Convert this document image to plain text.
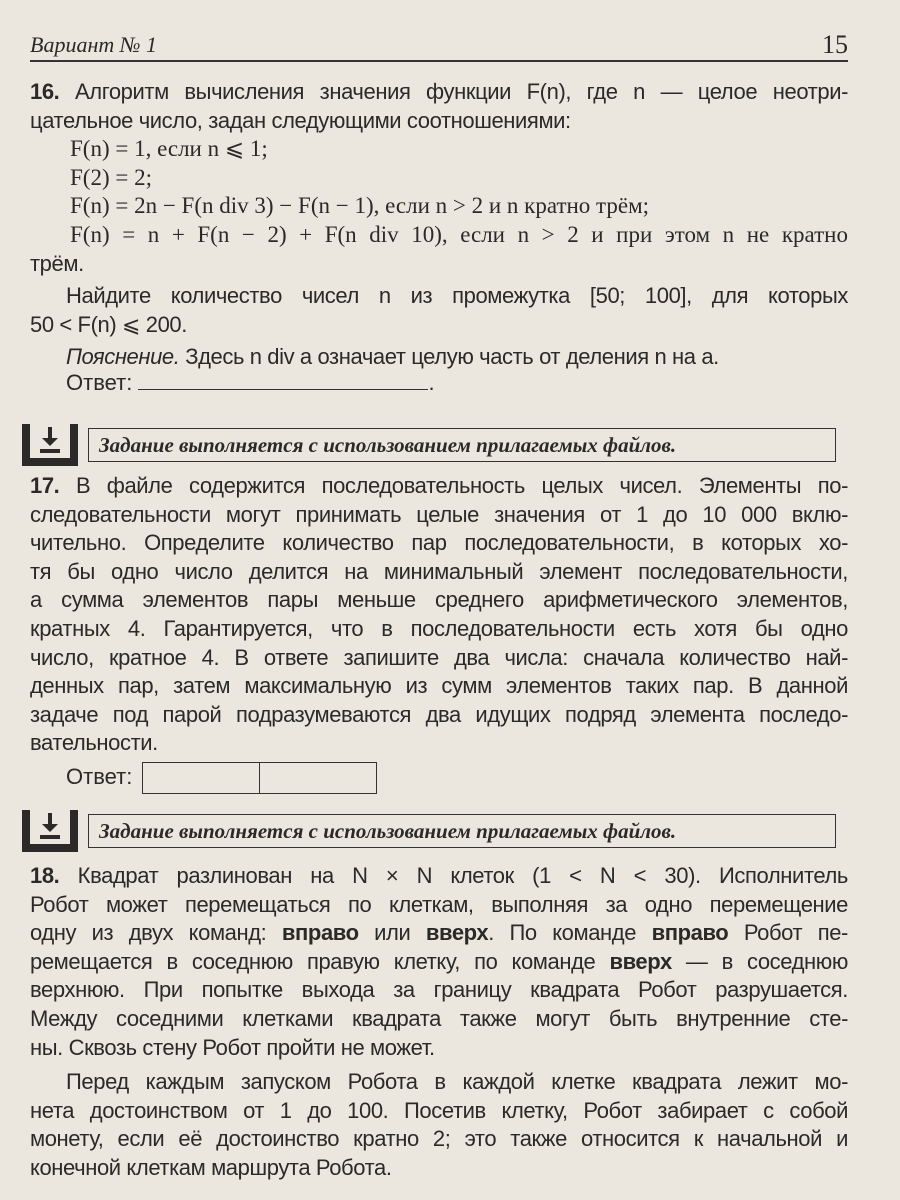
Вариант № 1	15
16. Алгоритм вычисления значения функции F(n), где n — целое неотри-
цательное число, задан следующими соотношениями:
F(n) = 1, если n ⩽ 1;
F(2) = 2;
F(n) = 2n − F(n div 3) − F(n − 1), если n > 2 и n кратно трём;
F(n) = n + F(n − 2) + F(n div 10), если n > 2 и при этом n не кратно
трём.
Найдите количество чисел n из промежутка [50; 100], для которых
50 < F(n) ⩽ 200.
Пояснение. Здесь n div a означает целую часть от деления n на a.
Ответ:	.
Задание выполняется с использованием прилагаемых файлов.
17. В файле содержится последовательность целых чисел. Элементы по-
следовательности могут принимать целые значения от 1 до 10 000 вклю-
чительно. Определите количество пар последовательности, в которых хо-
тя бы одно число делится на минимальный элемент последовательности,
а сумма элементов пары меньше среднего арифметического элементов,
кратных 4. Гарантируется, что в последовательности есть хотя бы одно
число, кратное 4. В ответе запишите два числа: сначала количество най-
денных пар, затем максимальную из сумм элементов таких пар. В данной
задаче под парой подразумеваются два идущих подряд элемента последо-
вательности.
Ответ:
Задание выполняется с использованием прилагаемых файлов.
18. Квадрат разлинован на N × N клеток (1 < N < 30). Исполнитель
Робот может перемещаться по клеткам, выполняя за одно перемещение
одну из двух команд: вправо или вверх. По команде вправо Робот пе-
ремещается в соседнюю правую клетку, по команде вверх — в соседнюю
верхнюю. При попытке выхода за границу квадрата Робот разрушается.
Между соседними клетками квадрата также могут быть внутренние сте-
ны. Сквозь стену Робот пройти не может.
Перед каждым запуском Робота в каждой клетке квадрата лежит мо-
нета достоинством от 1 до 100. Посетив клетку, Робот забирает с собой
монету, если её достоинство кратно 2; это также относится к начальной и
конечной клеткам маршрута Робота.
